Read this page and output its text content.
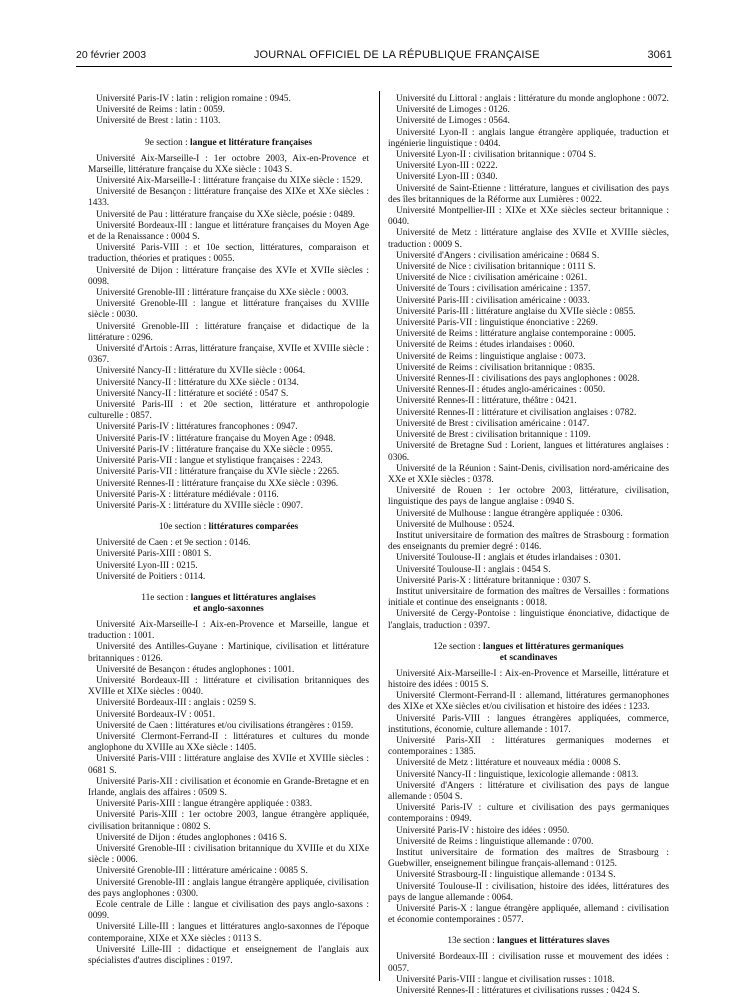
20 février 2003	JOURNAL OFFICIEL DE LA RÉPUBLIQUE FRANÇAISE	3061

Université Paris-IV : latin : religion romaine : 0945.

Université de Reims : latin : 0059.

Université de Brest : latin : 1103.

9e section : langue et littérature françaises

Université Aix-Marseille-I : 1er octobre 2003, Aix-en-Provence et Marseille, littérature française du XXe siècle : 1043 S.

Université Aix-Marseille-I : littérature française du XIXe siècle : 1529.

Université de Besançon : littérature française des XIXe et XXe siècles : 1433.

Université de Pau : littérature française du XXe siècle, poésie : 0489.

Université Bordeaux-III : langue et littérature françaises du Moyen Age et de la Renaissance : 0004 S.

Université Paris-VIII : et 10e section, littératures, comparaison et traduction, théories et pratiques : 0055.

Université de Dijon : littérature française des XVIe et XVIIe siècles : 0098.

Université Grenoble-III : littérature française du XXe siècle : 0003.

Université Grenoble-III : langue et littérature françaises du XVIIIe siècle : 0030.

Université Grenoble-III : littérature française et didactique de la littérature : 0296.

Université d'Artois : Arras, littérature française, XVIIe et XVIIIe siècle : 0367.

Université Nancy-II : littérature du XVIIe siècle : 0064.

Université Nancy-II : littérature du XXe siècle : 0134.

Université Nancy-II : littérature et société : 0547 S.

Université Paris-III : et 20e section, littérature et anthropologie culturelle : 0857.

Université Paris-IV : littératures francophones : 0947.

Université Paris-IV : littérature française du Moyen Age : 0948.

Université Paris-IV : littérature française du XXe siècle : 0955.

Université Paris-VII : langue et stylistique françaises : 2243.

Université Paris-VII : littérature française du XVIe siècle : 2265.

Université Rennes-II : littérature française du XXe siècle : 0396.

Université Paris-X : littérature médiévale : 0116.

Université Paris-X : littérature du XVIIIe siècle : 0907.

10e section : littératures comparées

Université de Caen : et 9e section : 0146.

Université Paris-XIII : 0801 S.

Université Lyon-III : 0215.

Université de Poitiers : 0114.

11e section : langues et littératures anglaises
et anglo-saxonnes

Université Aix-Marseille-I : Aix-en-Provence et Marseille, langue et traduction : 1001.

Université des Antilles-Guyane : Martinique, civilisation et littérature britanniques : 0126.

Université de Besançon : études anglophones : 1001.

Université Bordeaux-III : littérature et civilisation britanniques des XVIIIe et XIXe siècles : 0040.

Université Bordeaux-III : anglais : 0259 S.

Université Bordeaux-IV : 0051.

Université de Caen : littératures et/ou civilisations étrangères : 0159.

Université Clermont-Ferrand-II : littératures et cultures du monde anglophone du XVIIIe au XXe siècle : 1405.

Université Paris-VIII : littérature anglaise des XVIIe et XVIIIe siècles : 0681 S.

Université Paris-XII : civilisation et économie en Grande-Bretagne et en Irlande, anglais des affaires : 0509 S.

Université Paris-XIII : langue étrangère appliquée : 0383.

Université Paris-XIII : 1er octobre 2003, langue étrangère appliquée, civilisation britannique : 0802 S.

Université de Dijon : études anglophones : 0416 S.

Université Grenoble-III : civilisation britannique du XVIIIe et du XIXe siècle : 0006.

Université Grenoble-III : littérature américaine : 0085 S.

Université Grenoble-III : anglais langue étrangère appliquée, civilisation des pays anglophones : 0300.

Ecole centrale de Lille : langue et civilisation des pays anglo-saxons : 0099.

Université Lille-III : langues et littératures anglo-saxonnes de l'époque contemporaine, XIXe et XXe siècles : 0113 S.

Université Lille-III : didactique et enseignement de l'anglais aux spécialistes d'autres disciplines : 0197.

Université du Littoral : anglais : littérature du monde anglophone : 0072.

Université de Limoges : 0126.

Université de Limoges : 0564.

Université Lyon-II : anglais langue étrangère appliquée, traduction et ingénierie linguistique : 0404.

Université Lyon-II : civilisation britannique : 0704 S.

Université Lyon-III : 0222.

Université Lyon-III : 0340.

Université de Saint-Etienne : littérature, langues et civilisation des pays des îles britanniques de la Réforme aux Lumières : 0022.

Université Montpellier-III : XIXe et XXe siècles secteur britannique : 0040.

Université de Metz : littérature anglaise des XVIIe et XVIIIe siècles, traduction : 0009 S.

Université d'Angers : civilisation américaine : 0684 S.

Université de Nice : civilisation britannique : 0111 S.

Université de Nice : civilisation américaine : 0261.

Université de Tours : civilisation américaine : 1357.

Université Paris-III : civilisation américaine : 0033.

Université Paris-III : littérature anglaise du XVIIe siècle : 0855.

Université Paris-VII : linguistique énonciative : 2269.

Université de Reims : littérature anglaise contemporaine : 0005.

Université de Reims : études irlandaises : 0060.

Université de Reims : linguistique anglaise : 0073.

Université de Reims : civilisation britannique : 0835.

Université Rennes-II : civilisations des pays anglophones : 0028.

Université Rennes-II : études anglo-américaines : 0050.

Université Rennes-II : littérature, théâtre : 0421.

Université Rennes-II : littérature et civilisation anglaises : 0782.

Université de Brest : civilisation américaine : 0147.

Université de Brest : civilisation britannique : 1109.

Université de Bretagne Sud : Lorient, langues et littératures anglaises : 0306.

Université de la Réunion : Saint-Denis, civilisation nord-américaine des XXe et XXIe siècles : 0378.

Université de Rouen : 1er octobre 2003, littérature, civilisation, linguistique des pays de langue anglaise : 0940 S.

Université de Mulhouse : langue étrangère appliquée : 0306.

Université de Mulhouse : 0524.

Institut universitaire de formation des maîtres de Strasbourg : formation des enseignants du premier degré : 0146.

Université Toulouse-II : anglais et études irlandaises : 0301.

Université Toulouse-II : anglais : 0454 S.

Université Paris-X : littérature britannique : 0307 S.

Institut universitaire de formation des maîtres de Versailles : formations initiale et continue des enseignants : 0018.

Université de Cergy-Pontoise : linguistique énonciative, didactique de l'anglais, traduction : 0397.

12e section : langues et littératures germaniques
et scandinaves

Université Aix-Marseille-I : Aix-en-Provence et Marseille, littérature et histoire des idées : 0015 S.

Université Clermont-Ferrand-II : allemand, littératures germanophones des XIXe et XXe siècles et/ou civilisation et histoire des idées : 1233.

Université Paris-VIII : langues étrangères appliquées, commerce, institutions, économie, culture allemande : 1017.

Université Paris-XII : littératures germaniques modernes et contemporaines : 1385.

Université de Metz : littérature et nouveaux média : 0008 S.

Université Nancy-II : linguistique, lexicologie allemande : 0813.

Université d'Angers : littérature et civilisation des pays de langue allemande : 0504 S.

Université Paris-IV : culture et civilisation des pays germaniques contemporains : 0949.

Université Paris-IV : histoire des idées : 0950.

Université de Reims : linguistique allemande : 0700.

Institut universitaire de formation des maîtres de Strasbourg : Guebwiller, enseignement bilingue français-allemand : 0125.

Université Strasbourg-II : linguistique allemande : 0134 S.

Université Toulouse-II : civilisation, histoire des idées, littératures des pays de langue allemande : 0064.

Université Paris-X : langue étrangère appliquée, allemand : civilisation et économie contemporaines : 0577.

13e section : langues et littératures slaves

Université Bordeaux-III : civilisation russe et mouvement des idées : 0057.

Université Paris-VIII : langue et civilisation russes : 1018.

Université Rennes-II : littératures et civilisations russes : 0424 S.
